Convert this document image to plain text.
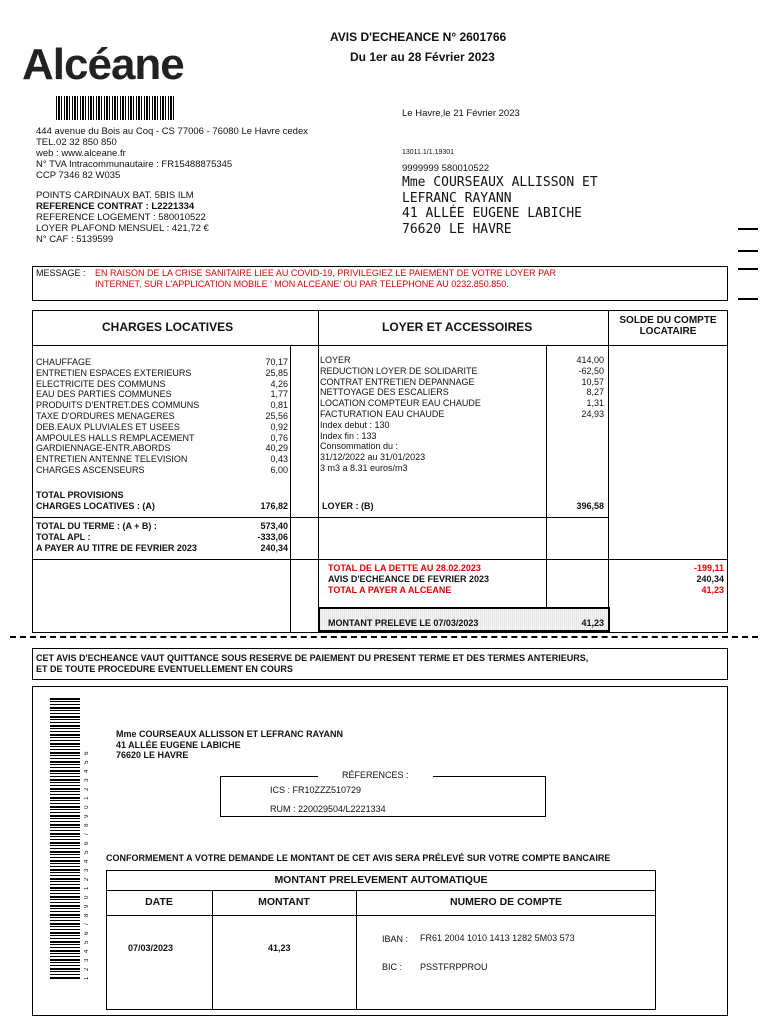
Alcéane
AVIS D'ECHEANCE N° 2601766
Du 1er au 28 Février 2023
Le Havre,le 21 Février 2023
444 avenue du Bois au Coq - CS 77006 - 76080 Le Havre cedex
TEL.02 32 850 850
web : www.alceane.fr
N° TVA Intracommunautaire : FR15488875345
CCP 7346 82 W035
POINTS CARDINAUX BAT. 5BIS ILM
REFERENCE CONTRAT : L2221334
REFERENCE LOGEMENT : 580010522
LOYER PLAFOND MENSUEL : 421,72 €
N° CAF : 5139599
13011.1/1.19301
9999999 580010522
Mme COURSEAUX ALLISSON ET
LEFRANC RAYANN
41 ALLÉE EUGENE LABICHE
76620 LE HAVRE
MESSAGE : EN RAISON DE LA CRISE SANITAIRE LIEE AU COVID-19, PRIVILEGIEZ LE PAIEMENT DE VOTRE LOYER PAR
INTERNET, SUR L'APPLICATION MOBILE ' MON ALCEANE' OU PAR TELEPHONE AU 0232.850.850.
CHARGES LOCATIVES	LOYER ET ACCESSOIRES	SOLDE DU COMPTE
LOCATAIRE
CHAUFFAGE	70,17
ENTRETIEN ESPACES EXTERIEURS	25,85
ELECTRICITE DES COMMUNS	4,26
EAU DES PARTIES COMMUNES	1,77
PRODUITS D'ENTRET.DES COMMUNS	0,81
TAXE D'ORDURES MENAGERES	25,56
DEB.EAUX PLUVIALES ET USEES	0,92
AMPOULES HALLS REMPLACEMENT	0,76
GARDIENNAGE-ENTR.ABORDS	40,29
ENTRETIEN ANTENNE TELEVISION	0,43
CHARGES ASCENSEURS	6,00
LOYER	414,00
REDUCTION LOYER DE SOLIDARITE	-62,50
CONTRAT ENTRETIEN DEPANNAGE	10,57
NETTOYAGE DES ESCALIERS	8,27
LOCATION COMPTEUR EAU CHAUDE	1,31
FACTURATION EAU CHAUDE	24,93
Index debut : 130
Index fin : 133
Consommation du :
31/12/2022 au 31/01/2023
3 m3 a 8.31 euros/m3
TOTAL PROVISIONS
CHARGES LOCATIVES : (A)	176,82	LOYER : (B)	396,58
TOTAL DU TERME : (A + B) :	573,40
TOTAL APL :	-333,06
A PAYER AU TITRE DE FEVRIER 2023	240,34
TOTAL DE LA DETTE AU 28.02.2023	-199,11
AVIS D'ECHEANCE DE FEVRIER 2023	240,34
TOTAL A PAYER A ALCEANE	41,23
MONTANT PRELEVE LE 07/03/2023	41,23
CET AVIS D'ECHEANCE VAUT QUITTANCE SOUS RESERVE DE PAIEMENT DU PRESENT TERME ET DES TERMES ANTERIEURS,
ET DE TOUTE PROCEDURE EVENTUELLEMENT EN COURS
1 2 3 4 5 6 7 8 9 0 1 2 3 4 5 6 7 8 9 0 1 2 3 4 5 6
Mme COURSEAUX ALLISSON ET LEFRANC RAYANN
41 ALLÉE EUGENE LABICHE
76620 LE HAVRE
RÉFERENCES :
ICS : FR10ZZZ510729
RUM : 220029504/L2221334
CONFORMEMENT A VOTRE DEMANDE LE MONTANT DE CET AVIS SERA PRÉLEVÉ SUR VOTRE COMPTE BANCAIRE
MONTANT PRELEVEMENT AUTOMATIQUE
DATE	MONTANT	NUMERO DE COMPTE
07/03/2023	41,23
IBAN : FR61 2004 1010 1413 1282 5M03 573
BIC : PSSTFRPPROU
